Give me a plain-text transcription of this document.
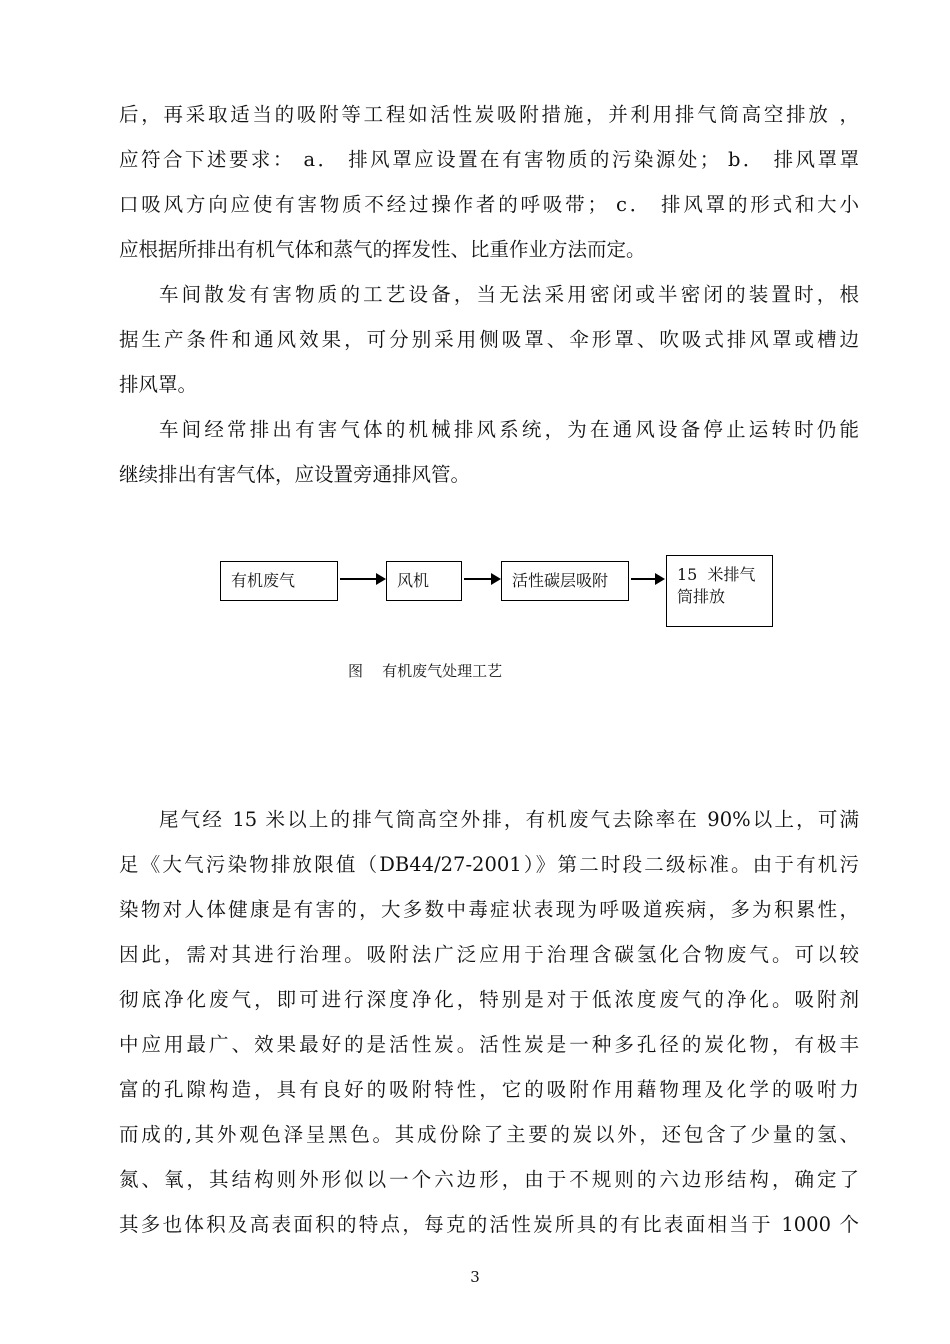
后，再采取适当的吸附等工程如活性炭吸附措施，并利用排气筒高空排放 ，
应符合下述要求： a． 排风罩应设置在有害物质的污染源处； b． 排风罩罩
口吸风方向应使有害物质不经过操作者的呼吸带； c． 排风罩的形式和大小
应根据所排出有机气体和蒸气的挥发性、比重作业方法而定。
车间散发有害物质的工艺设备，当无法采用密闭或半密闭的装置时，根
据生产条件和通风效果，可分别采用侧吸罩、伞形罩、吹吸式排风罩或槽边
排风罩。
车间经常排出有害气体的机械排风系统，为在通风设备停止运转时仍能
继续排出有害气体，应设置旁通排风管。
有机废气	风机	活性碳层吸附	15  米排气
筒排放
图    有机废气处理工艺
尾气经 15 米以上的排气筒高空外排，有机废气去除率在 90%以上，可满
足《大气污染物排放限值（DB44/27-2001）》第二时段二级标准。由于有机污
染物对人体健康是有害的，大多数中毒症状表现为呼吸道疾病，多为积累性，
因此，需对其进行治理。吸附法广泛应用于治理含碳氢化合物废气。可以较
彻底净化废气，即可进行深度净化，特别是对于低浓度废气的净化。吸附剂
中应用最广、效果最好的是活性炭。活性炭是一种多孔径的炭化物，有极丰
富的孔隙构造，具有良好的吸附特性，它的吸附作用藉物理及化学的吸咐力
而成的,其外观色泽呈黑色。其成份除了主要的炭以外，还包含了少量的氢、
氮、氧，其结构则外形似以一个六边形，由于不规则的六边形结构，确定了
其多也体积及高表面积的特点，每克的活性炭所具的有比表面相当于 1000 个
3
